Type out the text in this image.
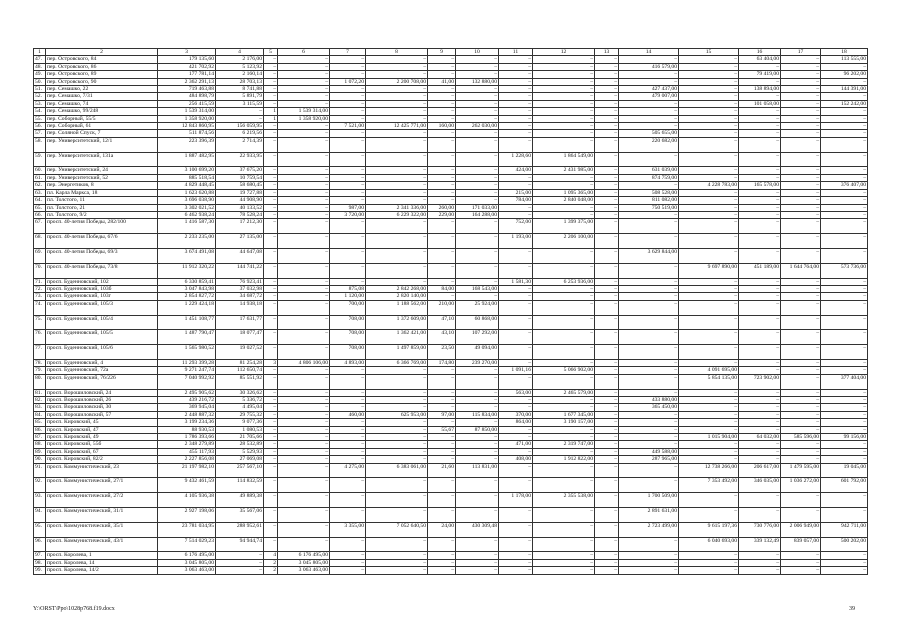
1	2	3	4	5	6	7	8	9	10	11	12	13	14	15	16	17	18
47.	пер. Островского, 84	179 135,60	2 176,00	–	–	–	–	–	–	–	–	–	–	–	63 404,00	–	113 555,00
48.	пер. Островского, 86	421 702,92	5 123,92	–	–	–	–	–	–	–	–	–	416 579,00	–	–	–	–
49.	пер. Островского, 89	177 781,14	2 160,14	–	–	–	–	–	–	–	–	–	–	–	79 419,00	–	96 202,00
50.	пер. Островского, 90	2 362 291,13	28 703,13	–	–	1 072,20	2 200 708,00	41,00	132 880,00	–	–	–	–	–	–	–	–
51.	пер. Семашко, 22	719 463,88	8 741,88	–	–	–	–	–	–	–	–	–	427 437,00	–	138 894,00	–	144 391,00
52.	пер. Семашко, 7/31	484 898,79	5 891,79	–	–	–	–	–	–	–	–	–	479 007,00	–	–	–	–
53.	пер. Семашко, 74	256 415,59	3 115,59	–	–	–	–	–	–	–	–	–	–	–	101 058,00	–	152 242,00
54.	пер. Семашко, 99/248	1 539 314,00	–	1	1 539 314,00	–	–	–	–	–	–	–	–	–	–	–	–
55.	пер. Соборный, 55/5	1 358 920,00	–	1	1 358 920,00	–	–	–	–	–	–	–	–	–	–	–	–
56.	пер. Соборный, 61	12 843 860,95	156 059,95	–	–	7 521,00	12 425 771,00	160,00	262 030,00	–	–	–	–	–	–	–	–
57.	пер. Соляной Спуск, 7	511 874,56	6 219,56	–	–	–	–	–	–	–	–	–	505 655,00	–	–	–	–
58.	пер. Университетский, 12/1	223 396,39	2 714,39	–	–	–	–	–	–	–	–	–	220 682,00	–	–	–	–
59.	пер. Университетский, 131а	1 887 482,95	22 933,95	–	–	–	–	–	–	1 228,60	1 864 549,00	–	–	–	–	–	–
60.	пер. Университетский, 24	3 100 699,20	37 675,20	–	–	–	–	–	–	424,00	2 431 985,00	–	631 039,00	–	–	–	–
61.	пер. Университетский, 52	885 518,54	10 759,54	–	–	–	–	–	–	–	–	–	874 759,00	–	–	–	–
62.	пер. Энергетиков, 8	4 829 448,45	58 680,45	–	–	–	–	–	–	–	–	–	–	4 228 783,00	165 578,00	–	376 407,00
63.	пл. Карла Маркса, 18	1 623 620,88	19 727,88	–	–	–	–	–	–	215,00	1 095 365,00	–	508 528,00	–	–	–	–
64.	пл. Толстого, 11	3 696 038,90	44 908,90	–	–	–	–	–	–	784,00	2 840 048,00	–	811 082,00	–	–	–	–
65.	пл. Толстого, 21	3 302 021,52	40 133,52	–	–	987,00	2 341 336,00	260,00	171 033,00	–	–	–	750 519,00	–	–	–	–
66.	пл. Толстого, 9/2	6 462 938,24	78 528,24	–	–	3 720,00	6 229 322,00	229,00	164 288,00	–	–	–	–	–	–	–	–
67.	просп. 40-летия Победы, 282/100	1 416 587,30	17 212,30	–	–	–	–	–	–	752,00	1 399 375,00	–	–	–	–	–	–
68.	просп. 40-летия Победы, 67/6	2 233 235,00	27 135,00	–	–	–	–	–	–	1 193,00	2 206 100,00	–	–	–	–	–	–
69.	просп. 40-летия Победы, 69/3	3 674 491,08	44 647,08	–	–	–	–	–	–	–	–	–	3 629 844,00	–	–	–	–
70.	просп. 40-летия Победы, 73/8	11 912 320,22	144 741,22	–	–	–	–	–	–	–	–	–	–	9 697 890,00	451 189,00	1 644 764,00	573 736,00
71.	просп. Буденновский, 102	6 330 859,41	76 923,41	–	–	–	–	–	–	1 581,30	6 253 936,00	–	–	–	–	–	–
72.	просп. Буденновский, 103б	3 047 843,98	37 032,98	–	–	875,08	2 842 268,00	84,00	168 543,00	–	–	–	–	–	–	–	–
73.	просп. Буденновский, 103г	2 854 827,72	34 687,72	–	–	1 120,00	2 820 140,00	–	–	–	–	–	–	–	–	–	–
74.	просп. Буденновский, 105/3	1 229 424,18	14 938,18	–	–	700,00	1 188 562,00	210,00	25 924,00	–	–	–	–	–	–	–	–
75.	просп. Буденновский, 105/4	1 451 108,77	17 631,77	–	–	708,00	1 372 609,00	47,10	60 868,00	–	–	–	–	–	–	–	–
76.	просп. Буденновский, 105/5	1 487 790,47	18 077,47	–	–	708,00	1 362 421,00	43,10	107 292,00	–	–	–	–	–	–	–	–
77.	просп. Буденновский, 105/6	1 565 980,52	19 027,52	–	–	708,00	1 497 859,00	23,50	49 094,00	–	–	–	–	–	–	–	–
78.	просп. Буденновский, 4	11 293 399,28	81 254,28	3	4 806 106,00	4 893,00	6 366 769,00	174,80	239 270,00	–	–	–	–	–	–	–	–
79.	просп. Буденновский, 72а	9 271 247,74	112 650,74	–	–	–	–	–	–	1 091,16	5 066 902,00	–	–	4 091 695,00	–	–	–
80.	просп. Буденновский, 76/226	7 040 992,92	85 551,92	–	–	–	–	–	–	–	–	–	–	5 854 135,00	723 902,00	–	377 404,00
81.	просп. Ворошиловский, 24	2 495 905,62	30 326,62	–	–	–	–	–	–	563,00	2 465 579,00	–	–	–	–	–	–
82.	просп. Ворошиловский, 26	439 216,72	5 336,72	–	–	–	–	–	–	–	–	–	433 880,00	–	–	–	–
83.	просп. Ворошиловский, 30	369 945,04	4 495,04	–	–	–	–	–	–	–	–	–	365 450,00	–	–	–	–
84.	просп. Ворошиловский, 57	2 448 887,32	29 755,32	–	–	460,00	625 953,00	97,00	115 834,00	370,00	1 677 345,00	–	–	–	–	–	–
85.	просп. Кировский, 45	3 199 234,36	9 077,36	–	–	–	–	–	–	864,00	3 190 157,00	–	–	–	–	–	–
86.	просп. Кировский, 47	88 930,53	1 080,53	–	–	–	–	55,67	87 850,00	–	–	–	–	–	–	–	–
87.	просп. Кировский, 49	1 786 393,66	21 705,66	–	–	–	–	–	–	–	–	–	–	1 015 904,00	64 032,00	585 596,00	99 156,00
88.	просп. Кировский, 55б	2 348 279,89	28 532,89	–	–	–	–	–	–	471,00	2 319 747,00	–	–	–	–	–	–
89.	просп. Кировский, 67	455 117,93	5 529,93	–	–	–	–	–	–	–	–	–	449 588,00	–	–	–	–
90.	просп. Кировский, 82/2	2 227 856,08	27 069,08	–	–	–	–	–	–	408,00	1 912 822,00	–	287 965,00	–	–	–	–
91.	просп. Коммунистический, 23	21 197 982,10	257 567,10	–	–	4 275,00	6 383 061,00	21,60	113 831,00	–	–	–	–	12 738 266,00	206 617,00	1 479 595,00	19 045,00
92.	просп. Коммунистический, 27/1	9 432 461,59	114 832,59	–	–	–	–	–	–	–	–	–	–	7 353 492,00	346 035,00	1 036 272,00	601 792,00
93.	просп. Коммунистический, 27/2	4 105 936,38	49 889,38	–	–	–	–	–	–	1 178,00	2 355 538,00	–	1 700 509,00	–	–	–	–
94.	просп. Коммунистический, 31/1	2 927 198,06	35 567,06	–	–	–	–	–	–	–	–	–	2 891 631,00	–	–	–	–
95.	просп. Коммунистический, 35/1	23 781 034,95	288 952,61	–	–	3 355,00	7 052 640,50	24,00	430 309,48	–	–	–	2 723 499,00	9 615 197,36	730 776,00	2 006 949,00	942 711,00
96.	просп. Коммунистический, 43/1	7 514 029,23	94 944,74	–	–	–	–	–	–	–	–	–	–	6 040 693,00	339 132,49	839 057,00	500 202,00
97.	просп. Королева, 1	6 176 495,00	–	4	6 176 495,00	–	–	–	–	–	–	–	–	–	–	–	–
98.	просп. Королева, 14	3 045 805,00	–	2	3 045 805,00	–	–	–	–	–	–	–	–	–	–	–	–
99.	просп. Королева, 14/2	3 063 463,00	–	2	3 063 463,00	–	–	–	–	–	–	–	–	–	–	–	–
Y:\ORST\Ppo\1028p768.f19.docx	39
